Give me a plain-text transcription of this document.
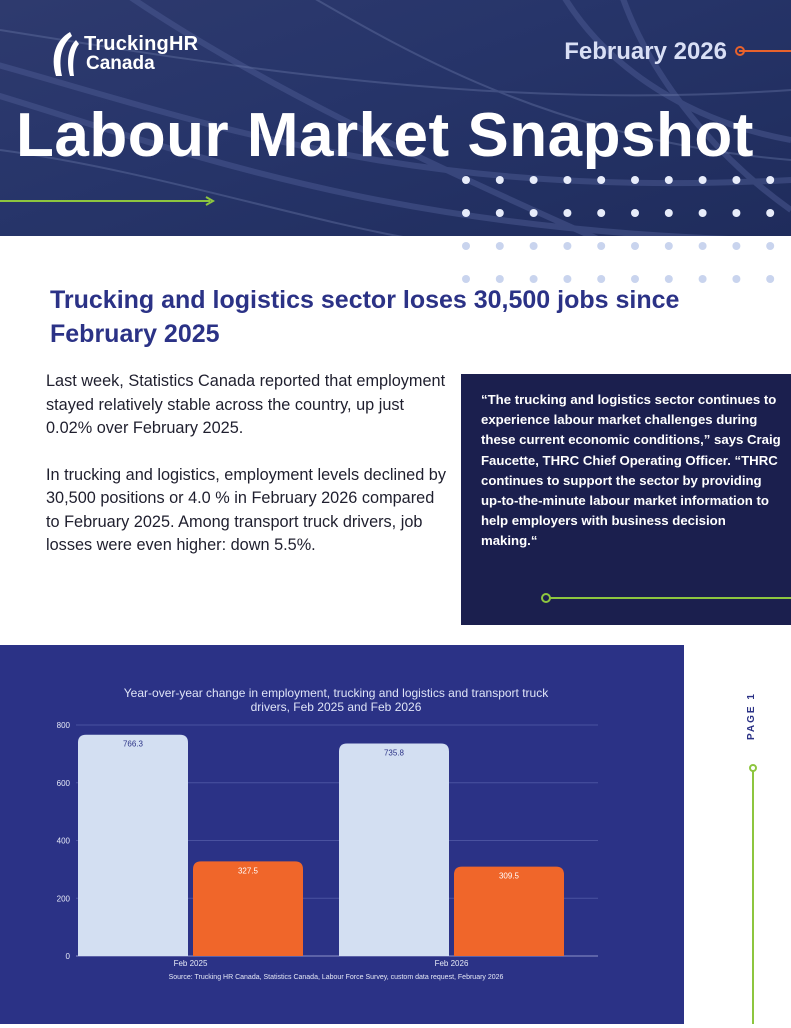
TruckingHR
Canada	February 2026
Labour Market Snapshot
Trucking and logistics sector loses 30,500 jobs since February 2025

Last week, Statistics Canada reported that employment stayed relatively stable across the country, up just 0.02% over February 2025.

In trucking and logistics, employment levels declined by 30,500 positions or 4.0 % in February 2026 compared to February 2025. Among transport truck drivers, job losses were even higher: down 5.5%.

“The trucking and logistics sector continues to experience labour market challenges during these current economic conditions,” says Craig Faucette, THRC Chief Operating Officer. “THRC continues to support the sector by providing up-to-the-minute labour market information to help employers with business decision making.“

Year-over-year change in employment, trucking and logistics and transport truck
drivers, Feb 2025 and Feb 2026
0
200
400
600
800
766.3
327.5
Feb 2025
735.8
309.5
Feb 2026
Source: Trucking HR Canada, Statistics Canada, Labour Force Survey, custom data request, February 2026
PAGE 1
